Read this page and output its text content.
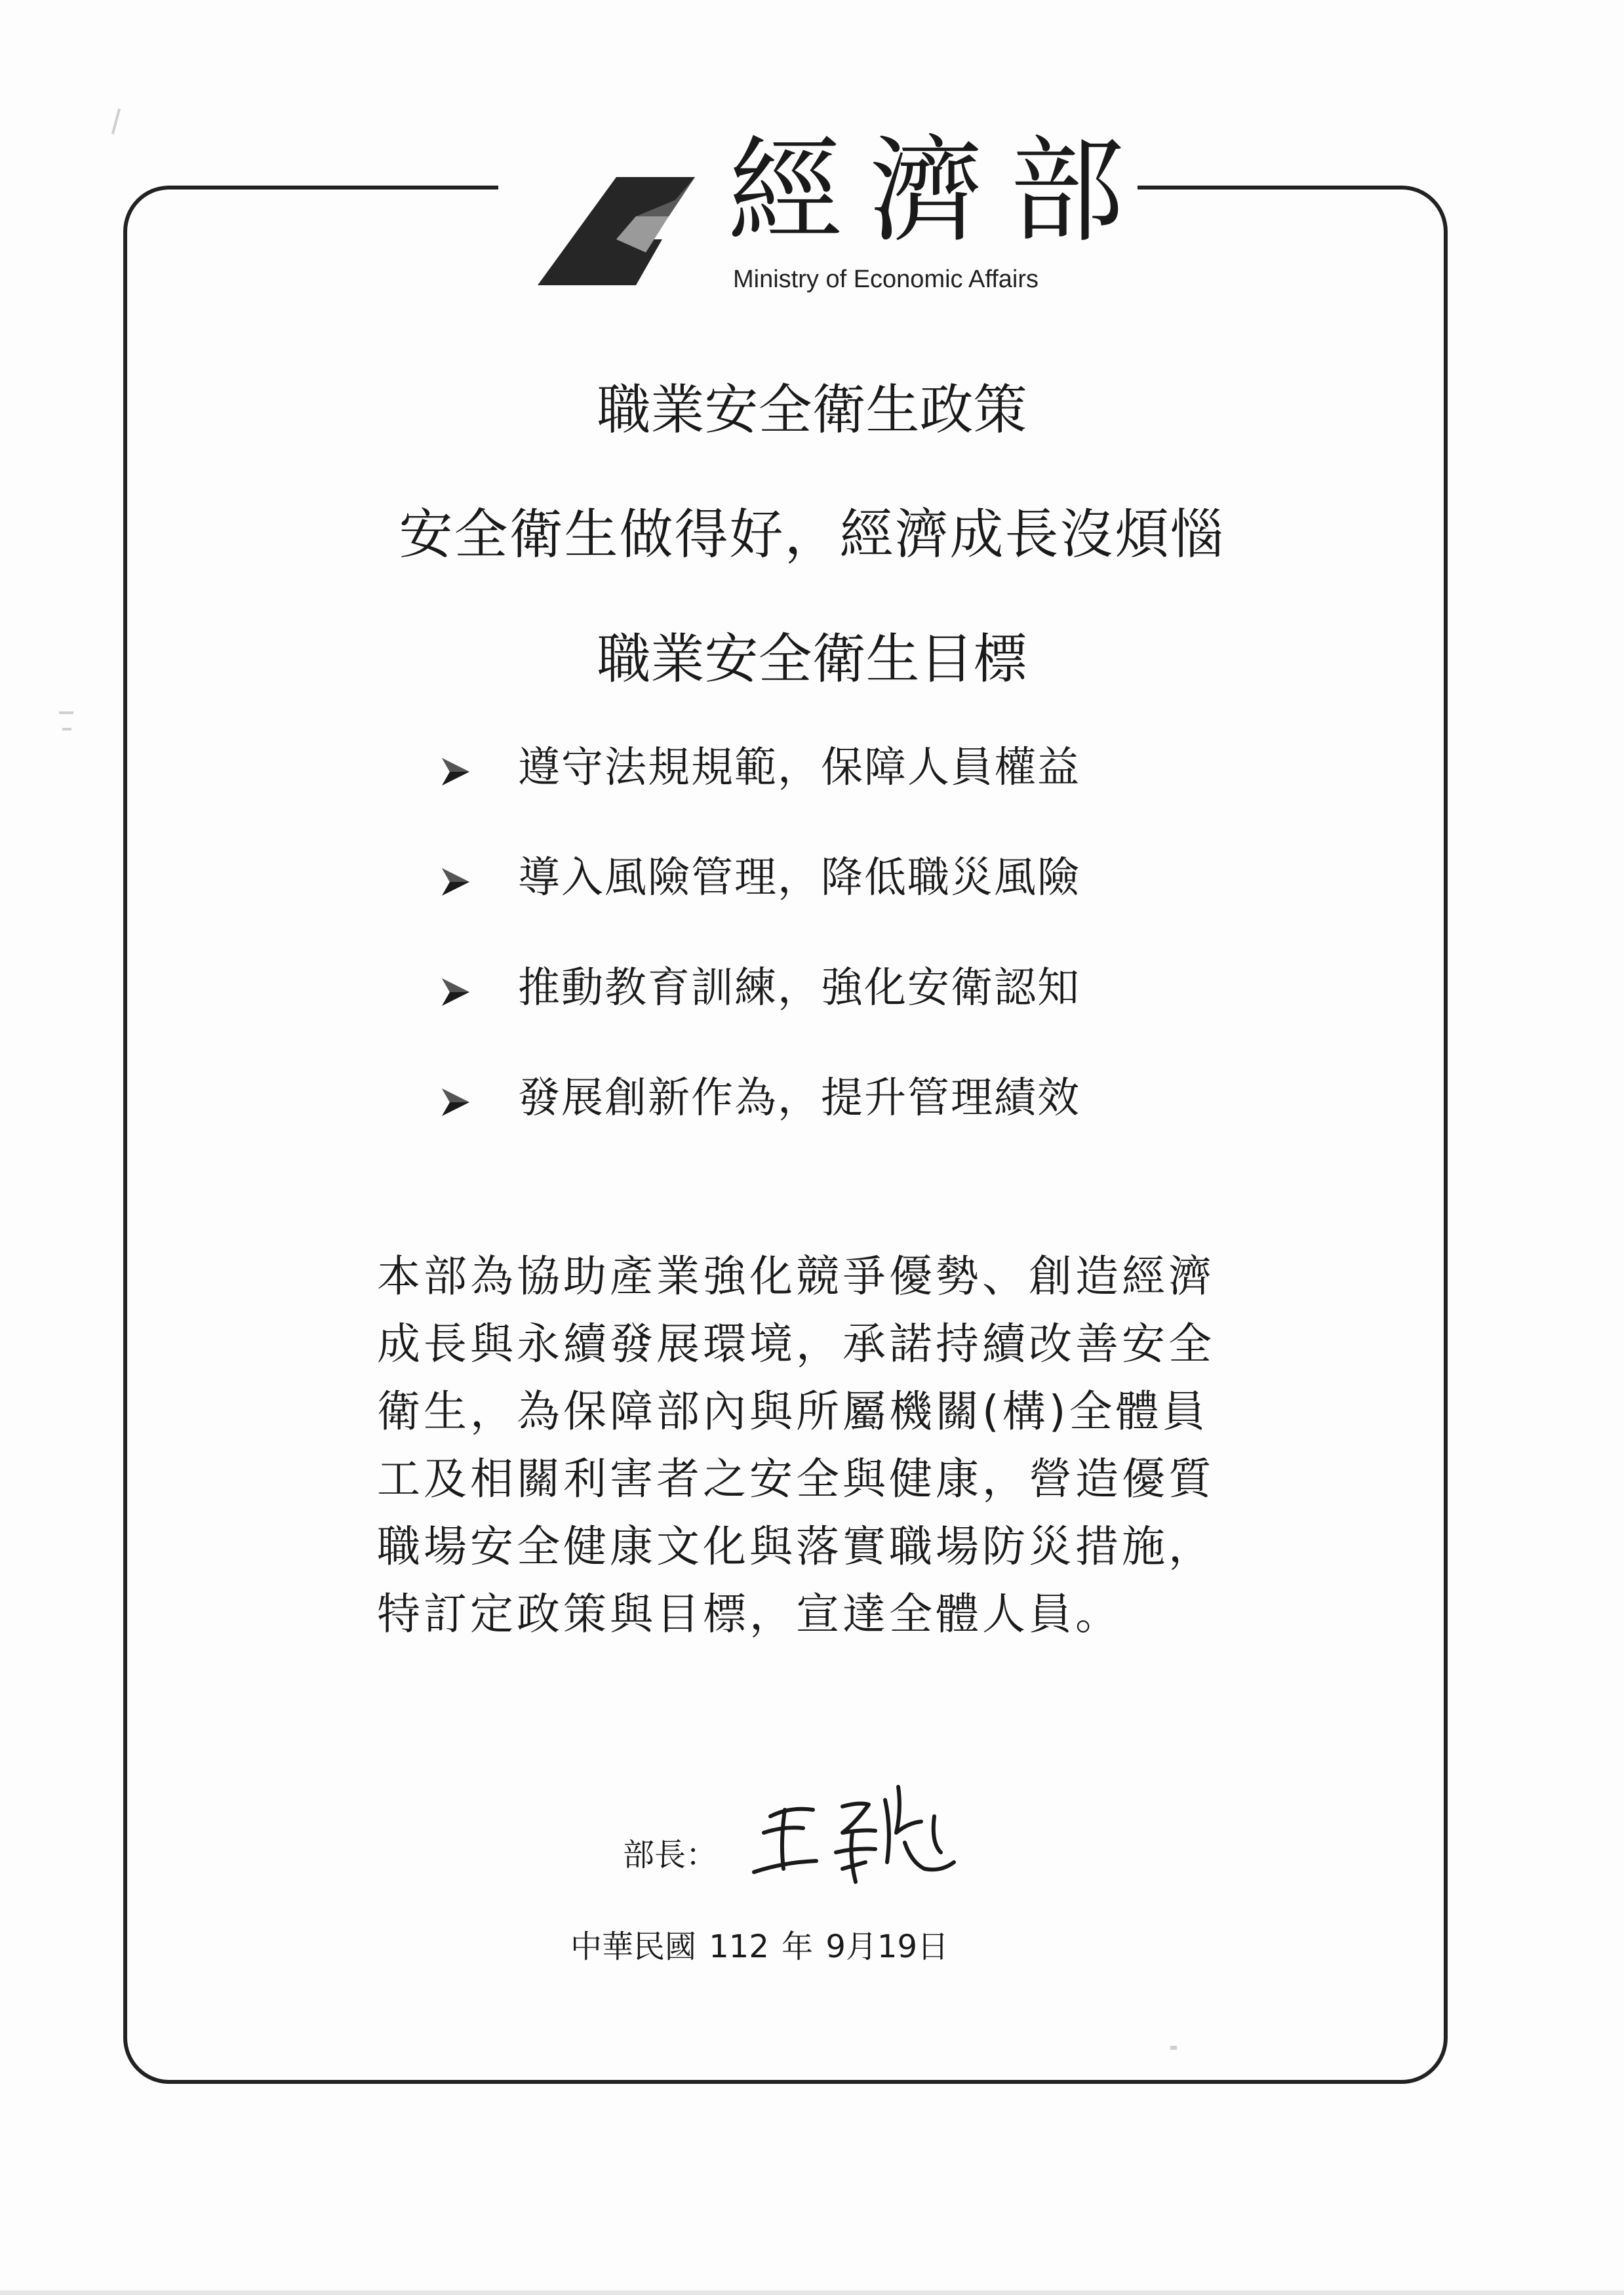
經濟部
Ministry of Economic Affairs
職業安全衛生政策
安全衛生做得好，經濟成長沒煩惱
職業安全衛生目標
遵守法規規範，保障人員權益
導入風險管理，降低職災風險
推動教育訓練，強化安衛認知
發展創新作為，提升管理績效

本部為協助產業強化競爭優勢、創造經濟成長與永續發展環境，承諾持續改善安全衛生，為保障部內與所屬機關(構)全體員工及相關利害者之安全與健康，營造優質職場安全健康文化與落實職場防災措施，特訂定政策與目標，宣達全體人員。

部長：
中華民國 112 年 9月19日
